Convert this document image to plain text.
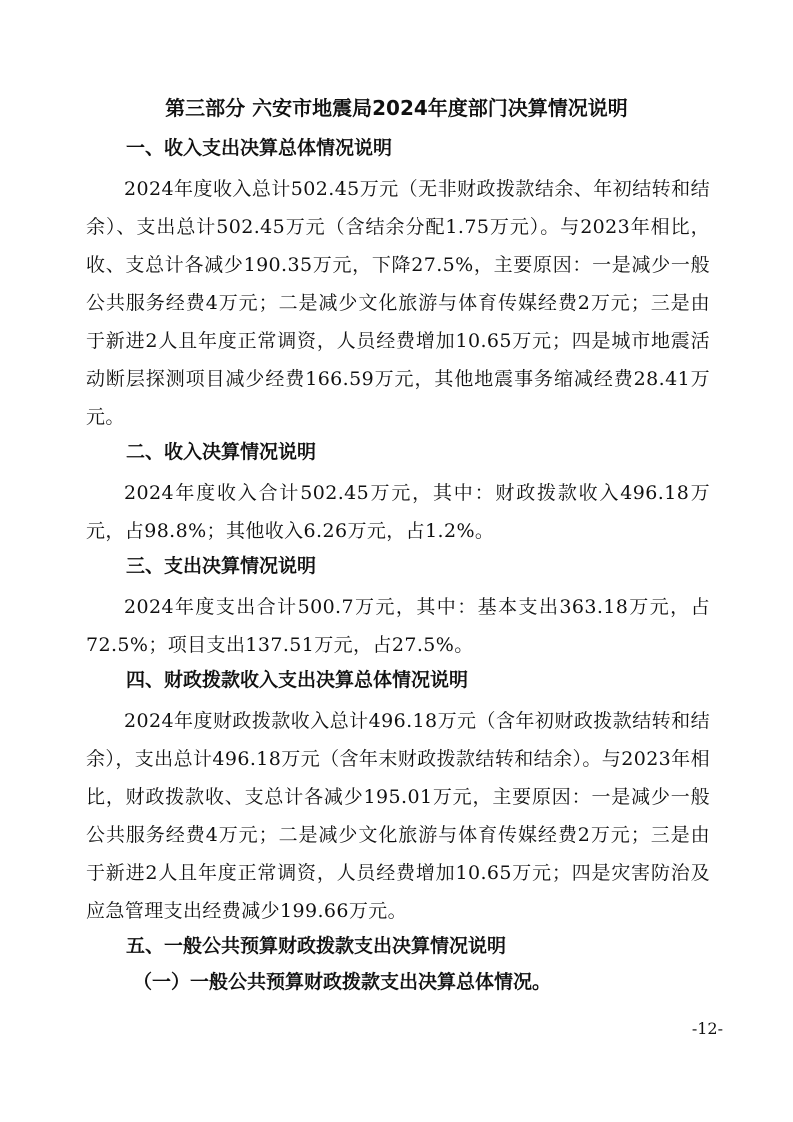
第三部分 六安市地震局2024年度部门决算情况说明
一、收入支出决算总体情况说明
2024年度收入总计502.45万元（无非财政拨款结余、年初结转和结余）、支出总计502.45万元（含结余分配1.75万元）。与2023年相比，收、支总计各减少190.35万元，下降27.5%，主要原因：一是减少一般公共服务经费4万元；二是减少文化旅游与体育传媒经费2万元；三是由于新进2人且年度正常调资，人员经费增加10.65万元；四是城市地震活动断层探测项目减少经费166.59万元，其他地震事务缩减经费28.41万元。
二、收入决算情况说明
2024年度收入合计502.45万元，其中：财政拨款收入496.18万元，占98.8%；其他收入6.26万元，占1.2%。
三、支出决算情况说明
2024年度支出合计500.7万元，其中：基本支出363.18万元，占72.5%；项目支出137.51万元，占27.5%。
四、财政拨款收入支出决算总体情况说明
2024年度财政拨款收入总计496.18万元（含年初财政拨款结转和结余），支出总计496.18万元（含年末财政拨款结转和结余）。与2023年相比，财政拨款收、支总计各减少195.01万元，主要原因：一是减少一般公共服务经费4万元；二是减少文化旅游与体育传媒经费2万元；三是由于新进2人且年度正常调资，人员经费增加10.65万元；四是灾害防治及应急管理支出经费减少199.66万元。
五、一般公共预算财政拨款支出决算情况说明
（一）一般公共预算财政拨款支出决算总体情况。
-12-
